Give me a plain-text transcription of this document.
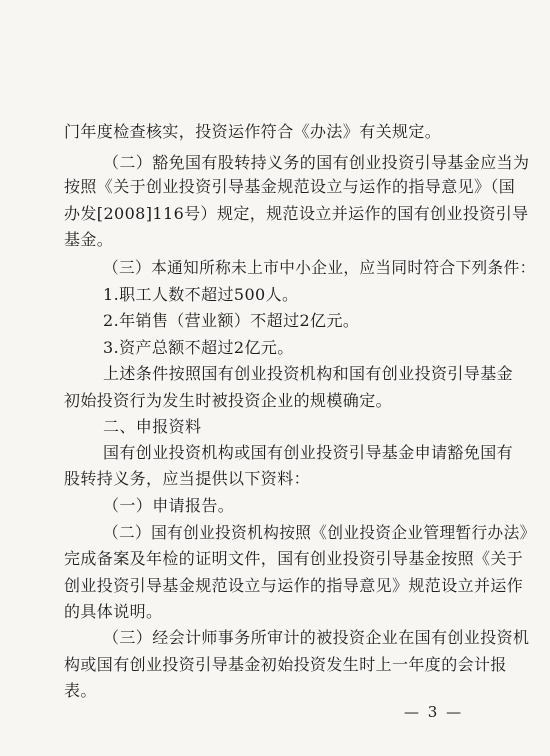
门年度检查核实，投资运作符合《办法》有关规定。
（二）豁免国有股转持义务的国有创业投资引导基金应当为
按照《关于创业投资引导基金规范设立与运作的指导意见》（国
办发[2008]116号）规定，规范设立并运作的国有创业投资引导
基金。
（三）本通知所称未上市中小企业，应当同时符合下列条件：
1.职工人数不超过500人。
2.年销售（营业额）不超过2亿元。
3.资产总额不超过2亿元。
上述条件按照国有创业投资机构和国有创业投资引导基金
初始投资行为发生时被投资企业的规模确定。
二、申报资料
国有创业投资机构或国有创业投资引导基金申请豁免国有
股转持义务，应当提供以下资料：
（一）申请报告。
（二）国有创业投资机构按照《创业投资企业管理暂行办法》
完成备案及年检的证明文件，国有创业投资引导基金按照《关于
创业投资引导基金规范设立与运作的指导意见》规范设立并运作
的具体说明。
（三）经会计师事务所审计的被投资企业在国有创业投资机
构或国有创业投资引导基金初始投资发生时上一年度的会计报
表。
— 3 —
